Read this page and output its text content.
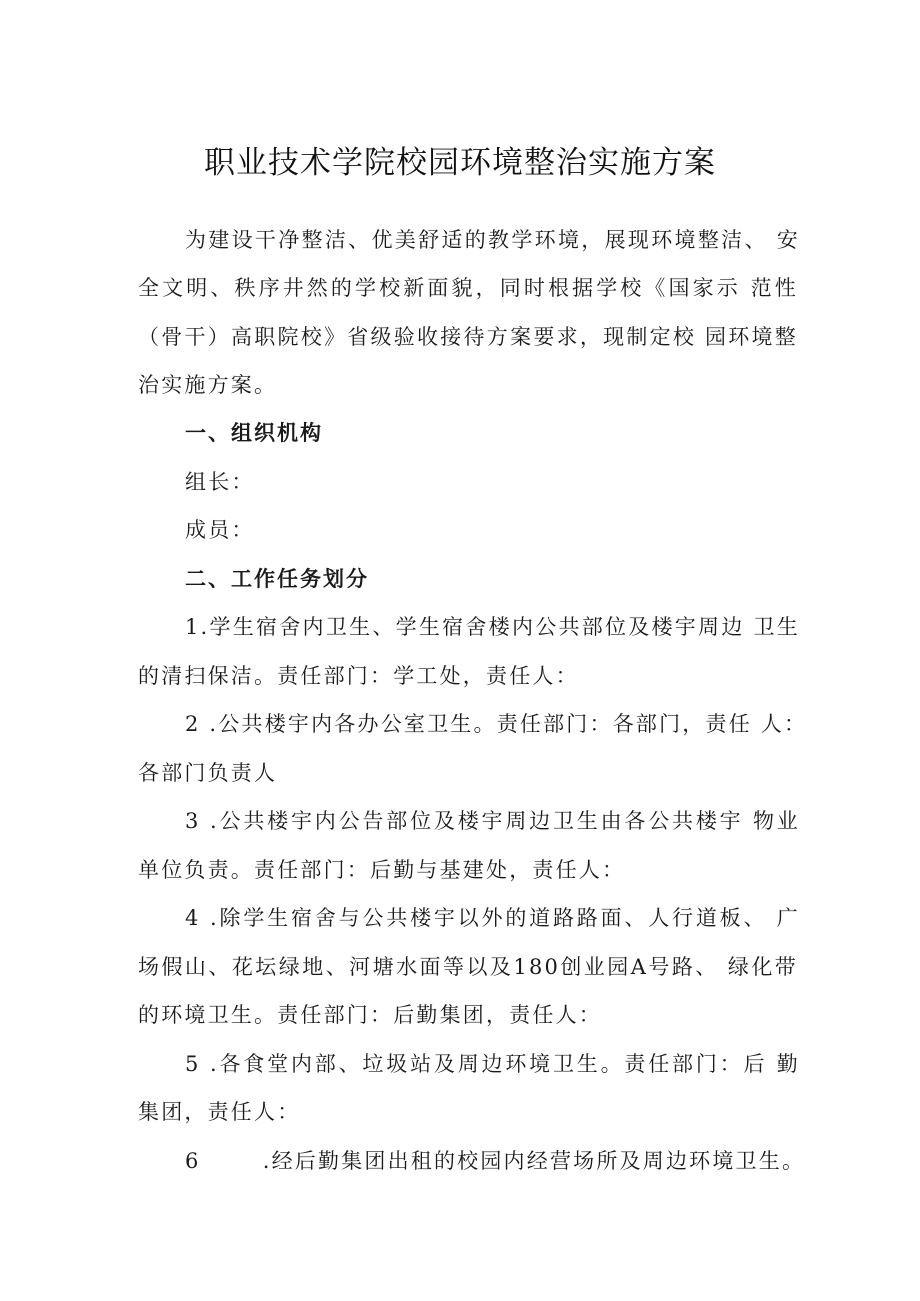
职业技术学院校园环境整治实施方案
为建设干净整洁、优美舒适的教学环境，展现环境整洁、 安
全文明、秩序井然的学校新面貌，同时根据学校《国家示 范性
（骨干）高职院校》省级验收接待方案要求，现制定校 园环境整
治实施方案。
一、组织机构
组长：
成员：
二、工作任务划分
1.学生宿舍内卫生、学生宿舍楼内公共部位及楼宇周边 卫生
的清扫保洁。责任部门：学工处，责任人：
2 .公共楼宇内各办公室卫生。责任部门：各部门，责任 人：
各部门负责人
3 .公共楼宇内公告部位及楼宇周边卫生由各公共楼宇 物业
单位负责。责任部门：后勤与基建处，责任人：
4 .除学生宿舍与公共楼宇以外的道路路面、人行道板、 广
场假山、花坛绿地、河塘水面等以及180创业园A号路、 绿化带
的环境卫生。责任部门：后勤集团，责任人：
5 .各食堂内部、垃圾站及周边环境卫生。责任部门：后 勤
集团，责任人：
6       .经后勤集团出租的校园内经营场所及周边环境卫生。
